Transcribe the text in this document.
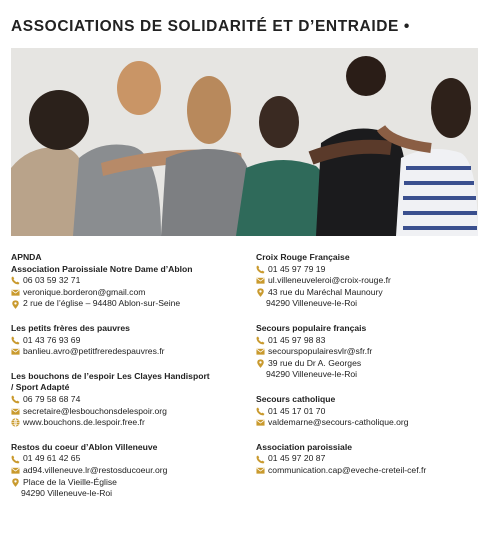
ASSOCIATIONS DE SOLIDARITÉ ET D’ENTRAIDE •
APNDA
Association Paroissiale Notre Dame d’Ablon
06 03 59 32 71
veronique.borderon@gmail.com
2 rue de l’église – 94480 Ablon-sur-Seine
Les petits frères des pauvres
01 43 76 93 69
banlieu.avro@petitfreredespauvres.fr
Les bouchons de l’espoir Les Clayes Handisport
/ Sport Adapté
06 79 58 68 74
secretaire@lesbouchonsdelespoir.org
www.bouchons.de.lespoir.free.fr
Restos du coeur d’Ablon Villeneuve
01 49 61 42 65
ad94.villeneuve.lr@restosducoeur.org
Place de la Vieille-Église
94290 Villeneuve-le-Roi
Croix Rouge Française
01 45 97 79 19
ul.villeneuveleroi@croix-rouge.fr
43 rue du Maréchal Maunoury
94290 Villeneuve-le-Roi
Secours populaire français
01 45 97 98 83
secourspopulairesvlr@sfr.fr
39 rue du Dr A. Georges
94290 Villeneuve-le-Roi
Secours catholique
01 45 17 01 70
valdemarne@secours-catholique.org
Association paroissiale
01 45 97 20 87
communication.cap@eveche-creteil-cef.fr
